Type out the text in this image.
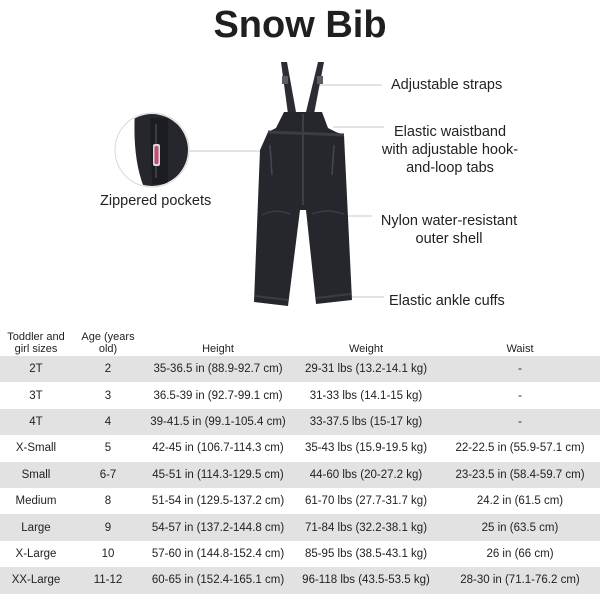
Snow Bib
Adjustable straps
Elastic waistband with adjustable hook-and-loop tabs
Zippered pockets
Nylon water-resistant outer shell
Elastic ankle cuffs
Toddler and girl sizes	Age (years old)	Height	Weight	Waist
2T	2	35-36.5 in (88.9-92.7 cm)	29-31 lbs (13.2-14.1 kg)	-
3T	3	36.5-39 in (92.7-99.1 cm)	31-33 lbs (14.1-15 kg)	-
4T	4	39-41.5 in (99.1-105.4 cm)	33-37.5 lbs (15-17 kg)	-
X-Small	5	42-45 in (106.7-114.3 cm)	35-43 lbs (15.9-19.5 kg)	22-22.5 in (55.9-57.1 cm)
Small	6-7	45-51 in (114.3-129.5 cm)	44-60 lbs (20-27.2 kg)	23-23.5 in (58.4-59.7 cm)
Medium	8	51-54 in (129.5-137.2 cm)	61-70 lbs (27.7-31.7 kg)	24.2 in (61.5 cm)
Large	9	54-57 in (137.2-144.8 cm)	71-84 lbs (32.2-38.1 kg)	25 in (63.5 cm)
X-Large	10	57-60 in (144.8-152.4 cm)	85-95 lbs (38.5-43.1 kg)	26 in (66 cm)
XX-Large	11-12	60-65 in (152.4-165.1 cm)	96-118 lbs (43.5-53.5 kg)	28-30 in (71.1-76.2 cm)
